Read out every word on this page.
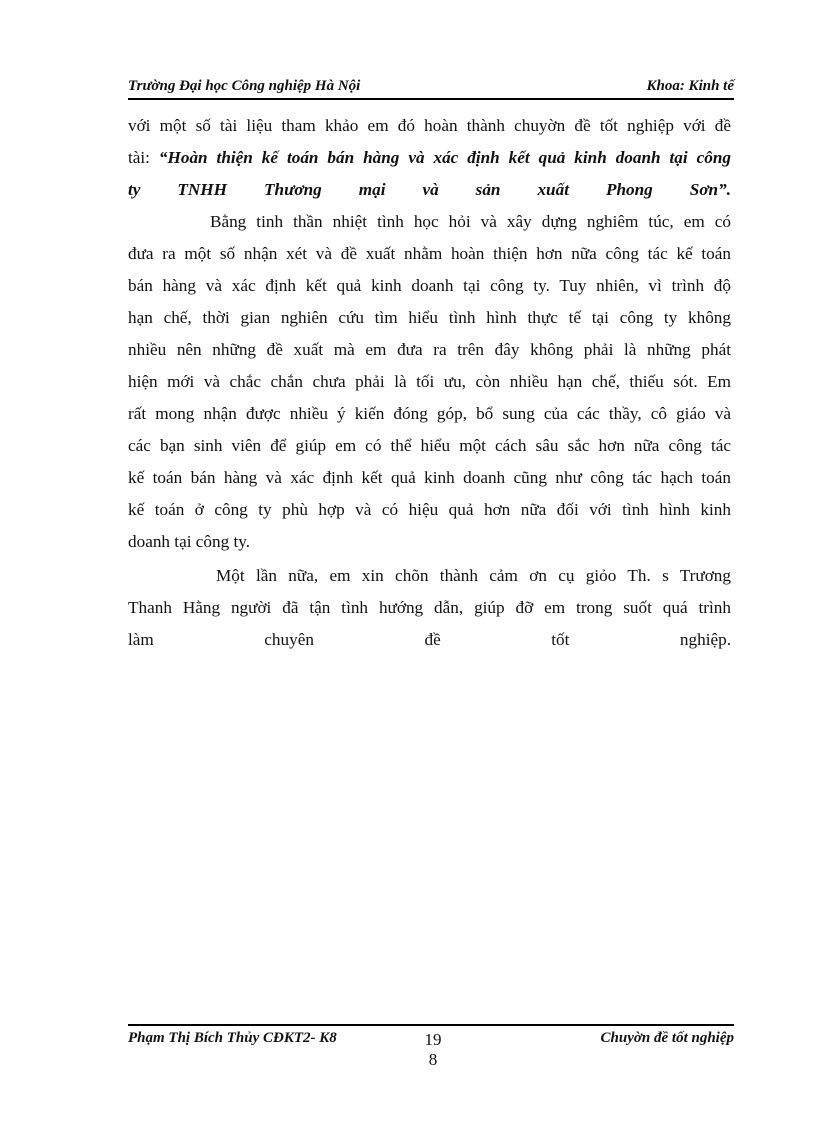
Trường Đại học Công nghiệp Hà Nội	Khoa: Kinh tế
với một số tài liệu tham khảo em đó hoàn thành chuyờn đề tốt nghiệp với đề
tài: “Hoàn thiện kế toán bán hàng và xác định kết quả kinh doanh tại công
ty TNHH Thương mại và sản xuất Phong Sơn”.
Bằng tinh thần nhiệt tình học hỏi và xây dựng nghiêm túc, em có
đưa ra một số nhận xét và đề xuất nhằm hoàn thiện hơn nữa công tác kế toán
bán hàng và xác định kết quả kinh doanh tại công ty. Tuy nhiên, vì trình độ
hạn chế, thời gian nghiên cứu tìm hiểu tình hình thực tế tại công ty không
nhiều nên những đề xuất mà em đưa ra trên đây không phải là những phát
hiện mới và chắc chắn chưa phải là tối ưu, còn nhiều hạn chế, thiếu sót. Em
rất mong nhận được nhiều ý kiến đóng góp, bổ sung của các thầy, cô giáo và
các bạn sinh viên để giúp em có thể hiểu một cách sâu sắc hơn nữa công tác
kế toán bán hàng và xác định kết quả kinh doanh cũng như công tác hạch toán
kế toán ở công ty phù hợp và có hiệu quả hơn nữa đối với tình hình kinh
doanh tại công ty.
Một lần nữa, em xin chõn thành cảm ơn cụ giỏo Th. s Trương
Thanh Hằng người đã tận tình hướng dẫn, giúp đỡ em trong suốt quá trình
làm chuyên đề tốt nghiệp.
Phạm Thị Bích Thủy CĐKT2- K8	19
8
Chuyờn đề tốt nghiệp
